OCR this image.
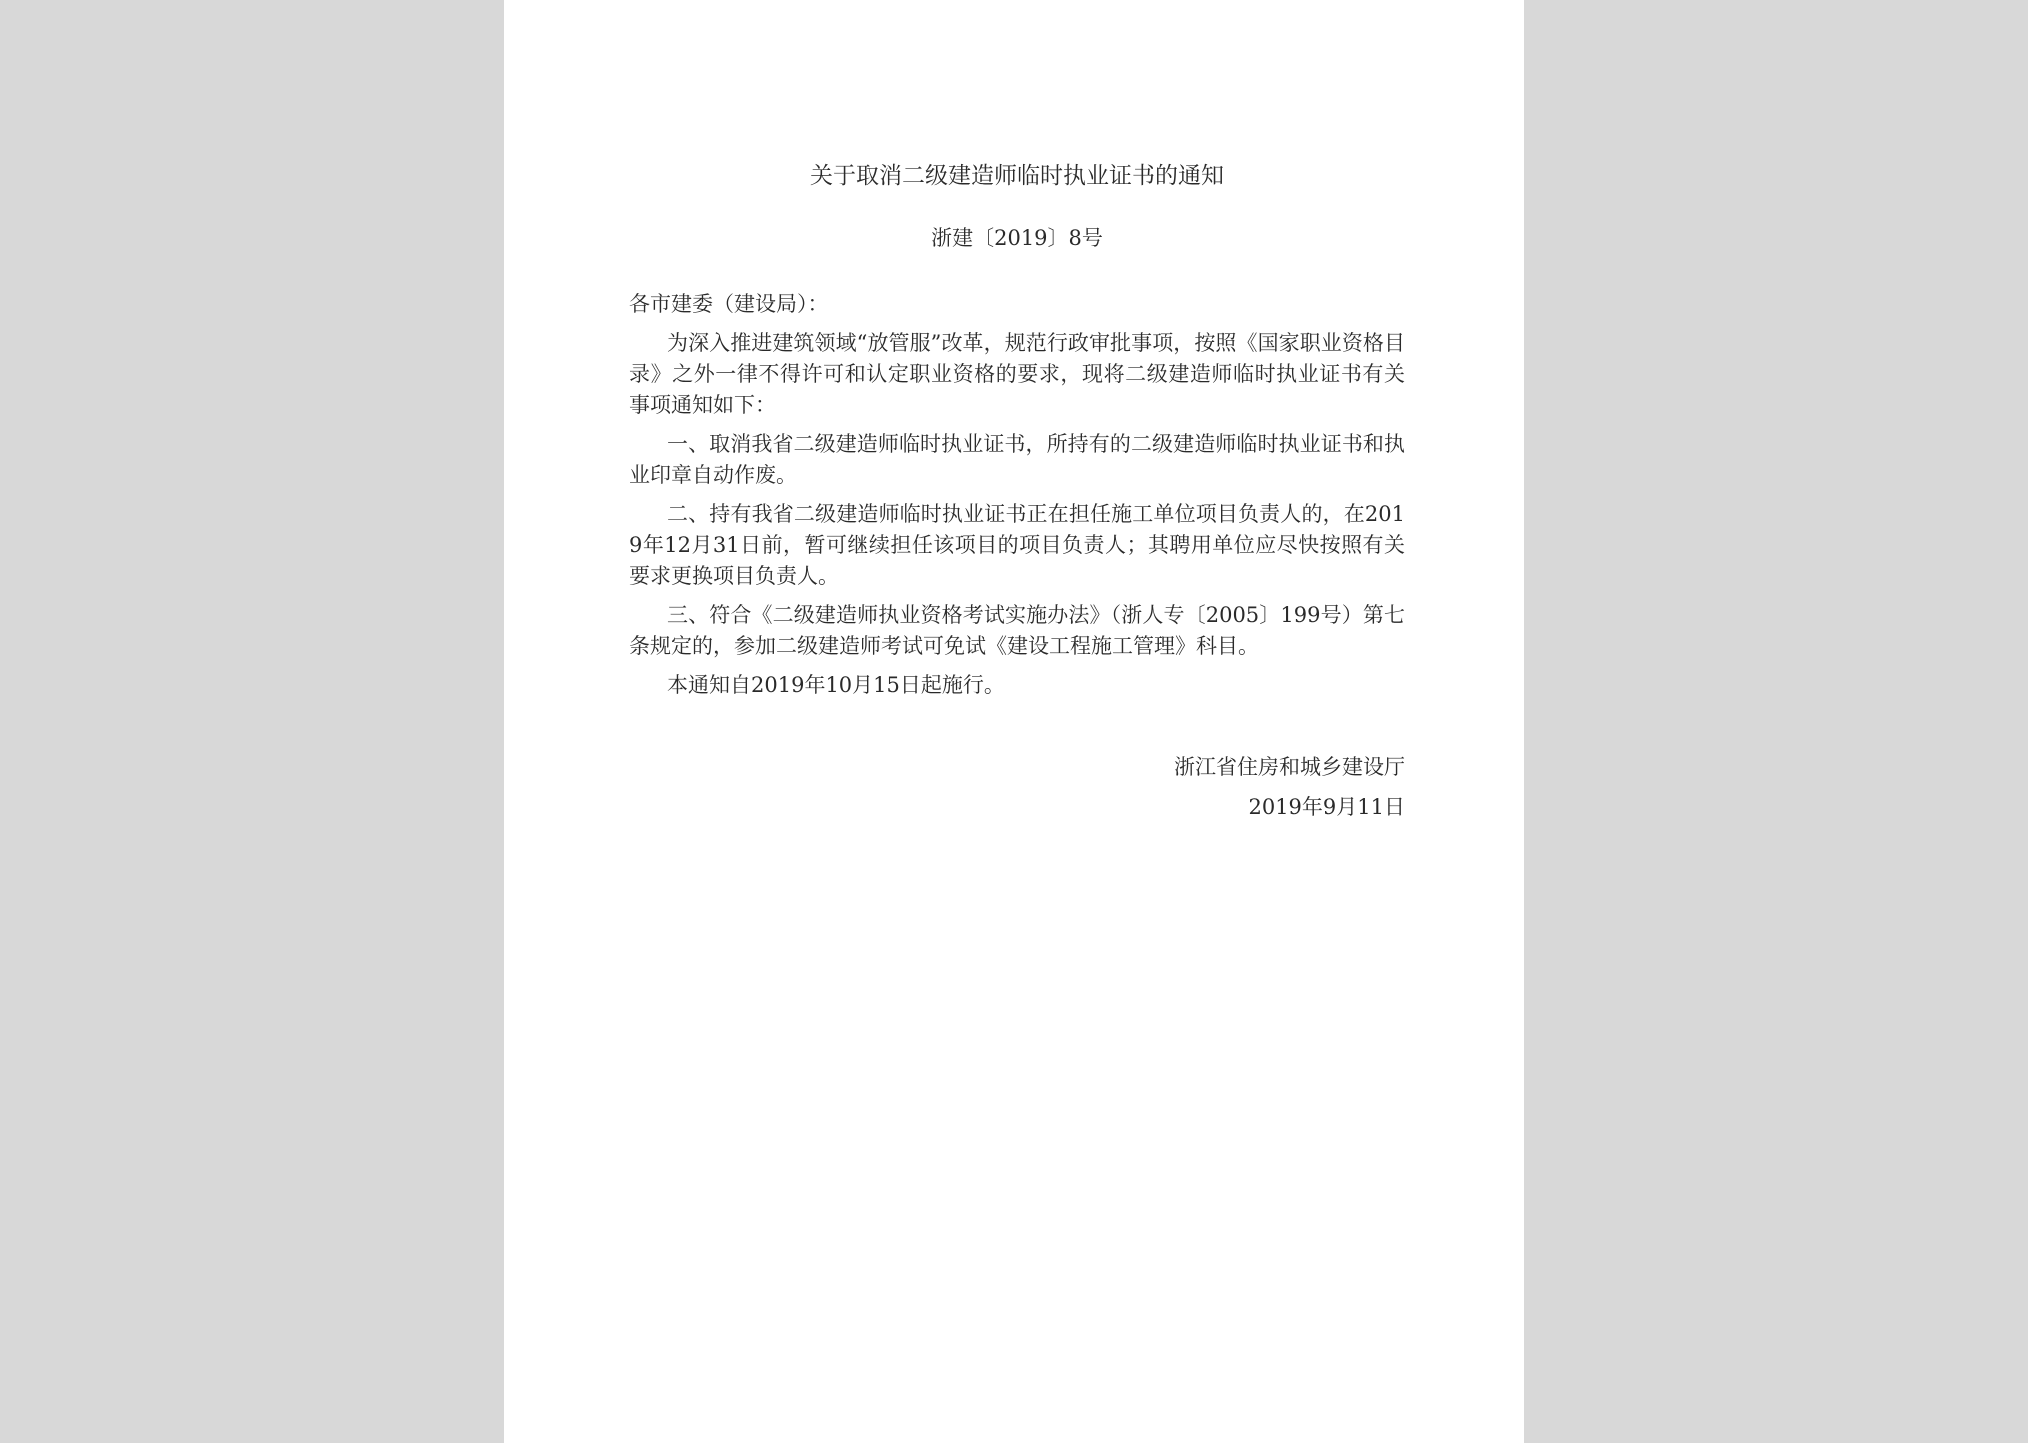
关于取消二级建造师临时执业证书的通知
浙建〔2019〕8号
各市建委（建设局）：

为深入推进建筑领域“放管服”改革，规范行政审批事项，按照《国家职业资格目录》之外一律不得许可和认定职业资格的要求，现将二级建造师临时执业证书有关事项通知如下：

一、取消我省二级建造师临时执业证书，所持有的二级建造师临时执业证书和执业印章自动作废。

二、持有我省二级建造师临时执业证书正在担任施工单位项目负责人的，在2019年12月31日前，暂可继续担任该项目的项目负责人；其聘用单位应尽快按照有关要求更换项目负责人。

三、符合《二级建造师执业资格考试实施办法》（浙人专〔2005〕199号）第七条规定的，参加二级建造师考试可免试《建设工程施工管理》科目。

本通知自2019年10月15日起施行。

浙江省住房和城乡建设厅
2019年9月11日
